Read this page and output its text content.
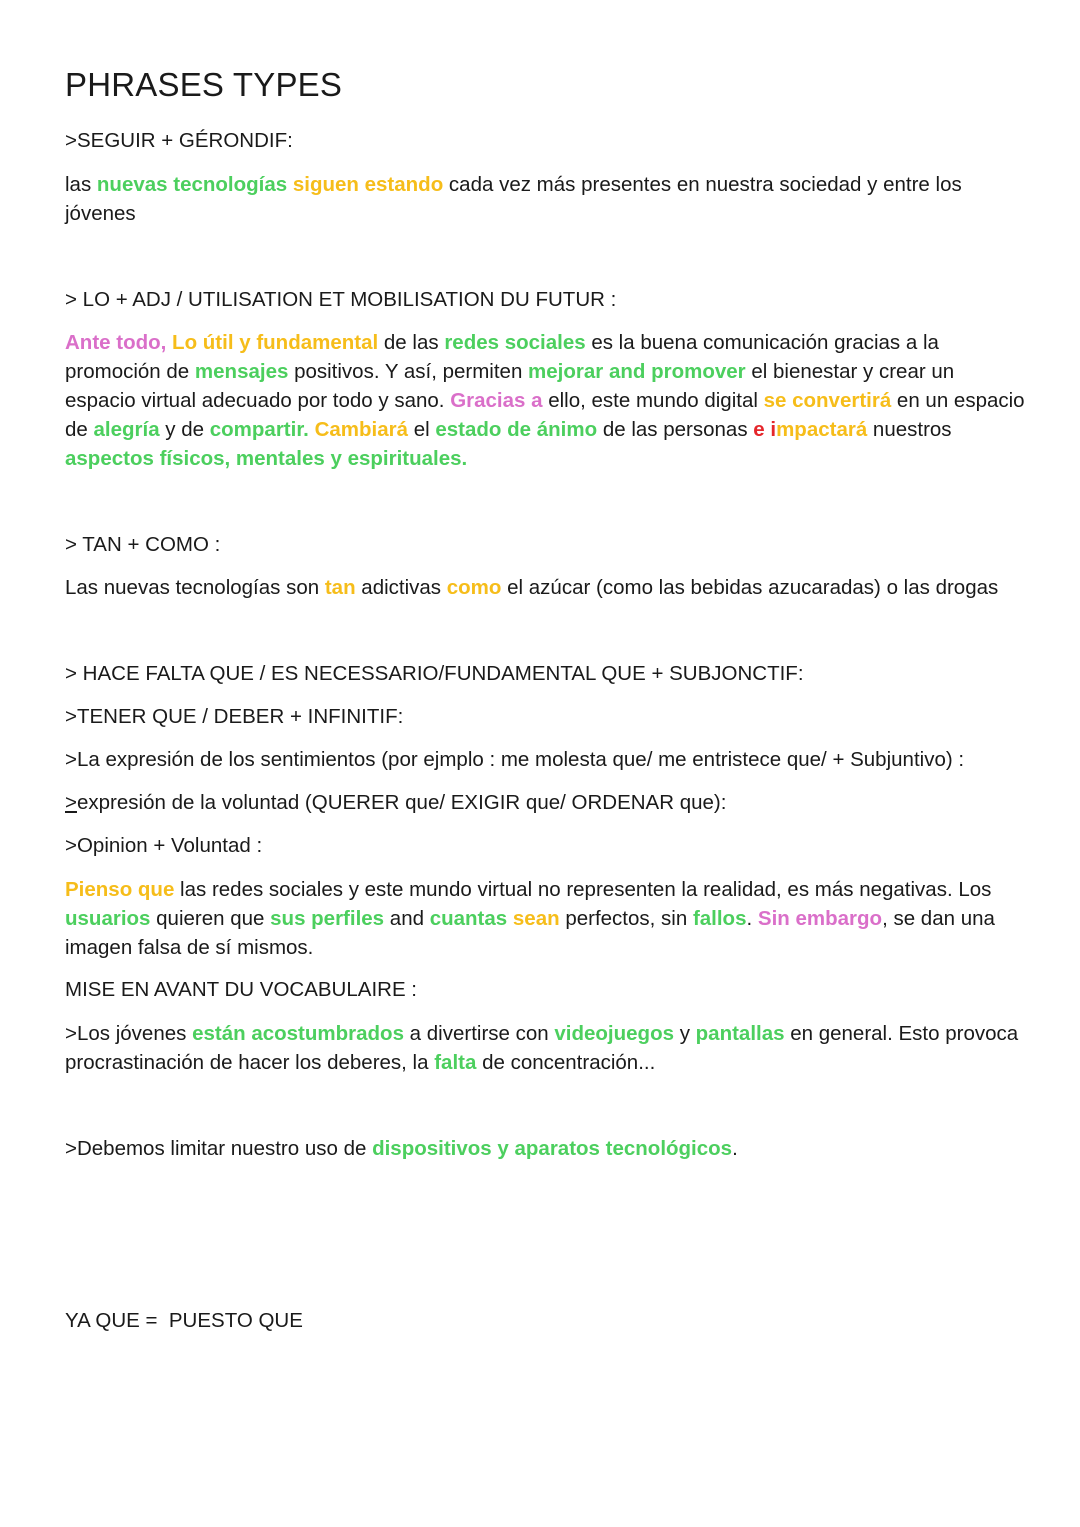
PHRASES TYPES

>SEGUIR + GÉRONDIF:

las nuevas tecnologías siguen estando cada vez más presentes en nuestra sociedad y entre los jóvenes

> LO + ADJ / UTILISATION ET MOBILISATION DU FUTUR :

Ante todo, Lo útil y fundamental de las redes sociales es la buena comunicación gracias a la promoción de mensajes positivos. Y así, permiten mejorar and promover el bienestar y crear un espacio virtual adecuado por todo y sano. Gracias a ello, este mundo digital se convertirá en un espacio de alegría y de compartir. Cambiará el estado de ánimo de las personas e impactará nuestros aspectos físicos, mentales y espirituales.

> TAN + COMO :

Las nuevas tecnologías son tan adictivas como el azúcar (como las bebidas azucaradas) o las drogas

> HACE FALTA QUE / ES NECESSARIO/FUNDAMENTAL QUE + SUBJONCTIF:

>TENER QUE / DEBER + INFINITIF:

>La expresión de los sentimientos (por ejmplo : me molesta que/ me entristece que/ + Subjuntivo) :

>expresión de la voluntad (QUERER que/ EXIGIR que/ ORDENAR que):

>Opinion + Voluntad :

Pienso que las redes sociales y este mundo virtual no representen la realidad, es más negativas. Los usuarios quieren que sus perfiles and cuantas sean perfectos, sin fallos. Sin embargo, se dan una imagen falsa de sí mismos.

MISE EN AVANT DU VOCABULAIRE :

>Los jóvenes están acostumbrados a divertirse con videojuegos y pantallas en general. Esto provoca procrastinación de hacer los deberes, la falta de concentración...

>Debemos limitar nuestro uso de dispositivos y aparatos tecnológicos.

YA QUE =  PUESTO QUE
